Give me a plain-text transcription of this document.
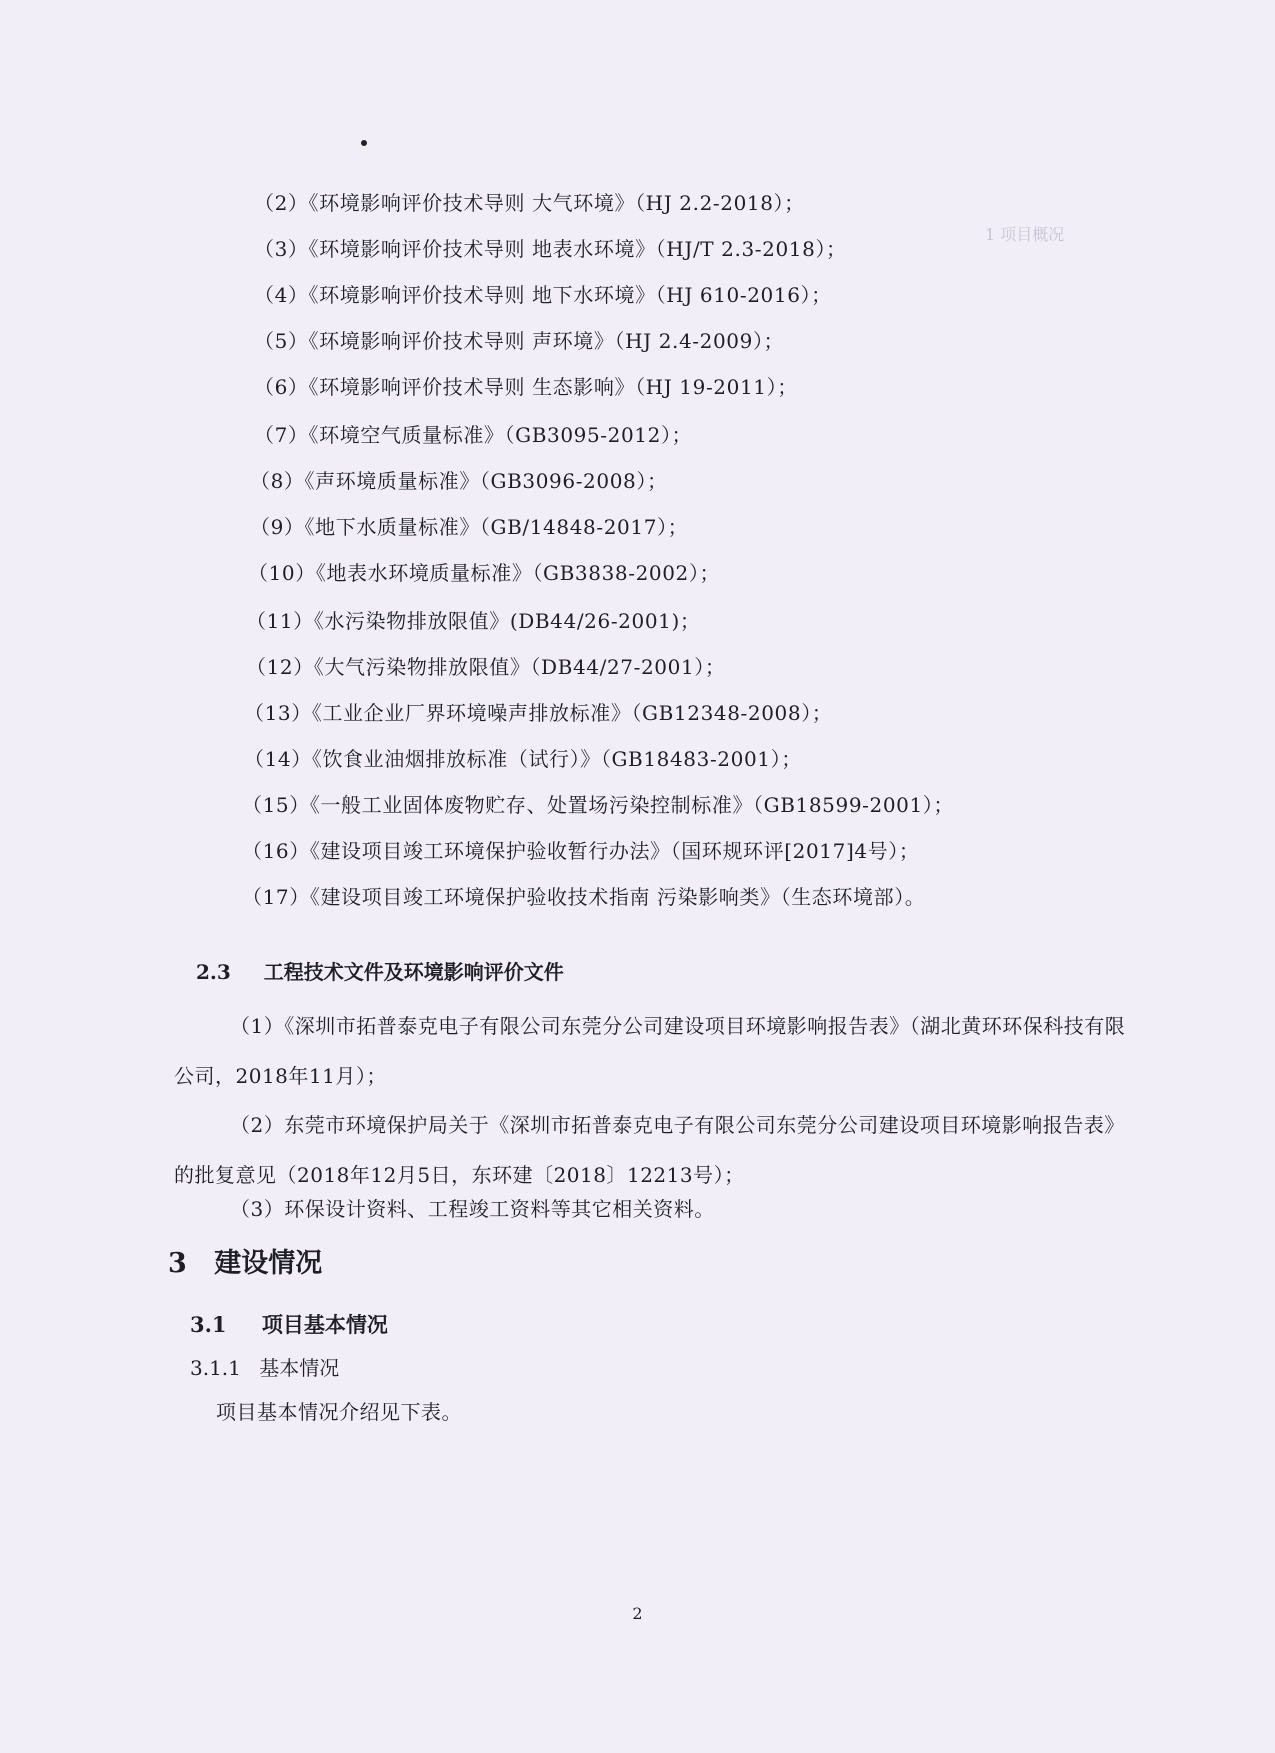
1 项目概况
（2）《环境影响评价技术导则 大气环境》（HJ 2.2-2018）；
（3）《环境影响评价技术导则 地表水环境》（HJ/T 2.3-2018）；
（4）《环境影响评价技术导则 地下水环境》（HJ 610-2016）；
（5）《环境影响评价技术导则 声环境》（HJ 2.4-2009）；
（6）《环境影响评价技术导则 生态影响》（HJ 19-2011）；
（7）《环境空气质量标准》（GB3095-2012）；
（8）《声环境质量标准》（GB3096-2008）；
（9）《地下水质量标准》（GB/14848-2017）；
（10）《地表水环境质量标准》（GB3838-2002）；
（11）《水污染物排放限值》(DB44/26-2001)；
（12）《大气污染物排放限值》（DB44/27-2001）；
（13）《工业企业厂界环境噪声排放标准》（GB12348-2008）；
（14）《饮食业油烟排放标准（试行）》（GB18483-2001）；
（15）《一般工业固体废物贮存、处置场污染控制标准》（GB18599-2001）；
（16）《建设项目竣工环境保护验收暂行办法》（国环规环评[2017]4号）；
（17）《建设项目竣工环境保护验收技术指南 污染影响类》（生态环境部）。
2.3 工程技术文件及环境影响评价文件
（1）《深圳市拓普泰克电子有限公司东莞分公司建设项目环境影响报告表》（湖北黄环环保科技有限公司，2018年11月）；
（2）东莞市环境保护局关于《深圳市拓普泰克电子有限公司东莞分公司建设项目环境影响报告表》的批复意见（2018年12月5日，东环建〔2018〕12213号）；
（3）环保设计资料、工程竣工资料等其它相关资料。
3 建设情况
3.1 项目基本情况
3.1.1 基本情况
项目基本情况介绍见下表。
2
